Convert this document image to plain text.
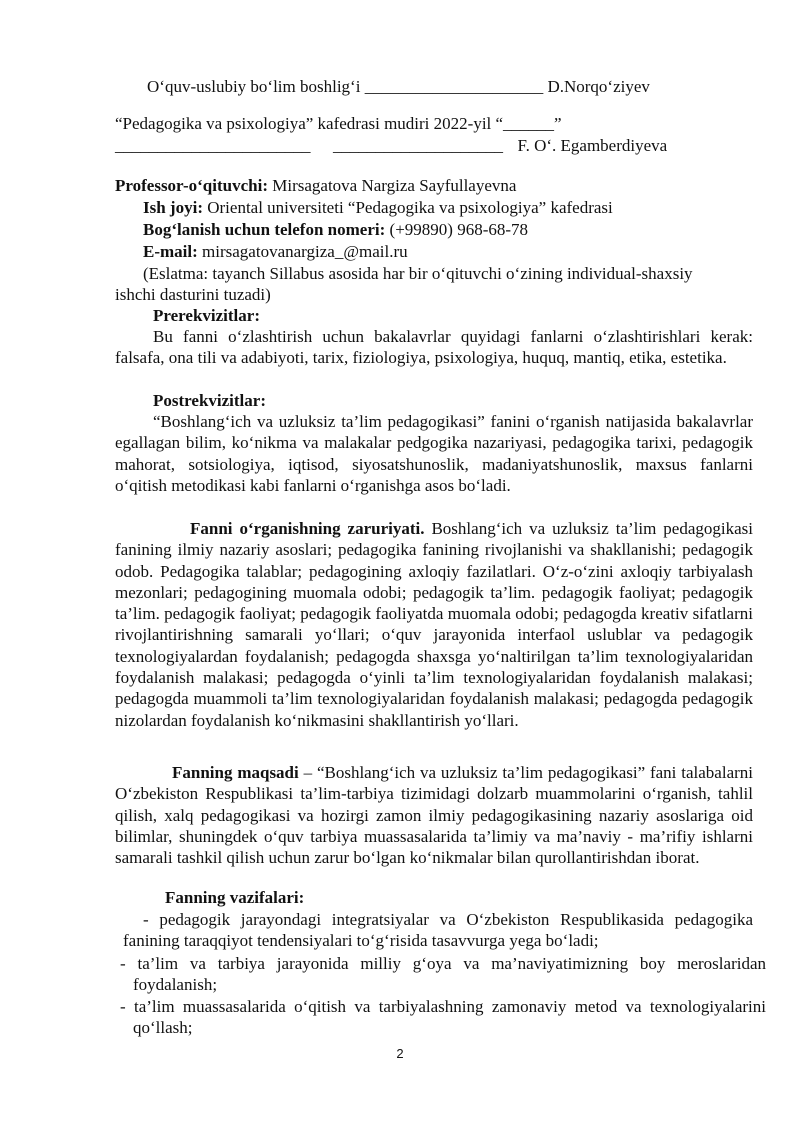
O‘quv-uslubiy bo‘lim boshlig‘i _____________________ D.Norqo‘ziyev
“Pedagogika va psixologiya” kafedrasi mudiri 2022-yil “______”
_______________________ ____________________ F. O‘. Egamberdiyeva
Professor-o‘qituvchi: Mirsagatova Nargiza Sayfullayevna
Ish joyi: Oriental universiteti “Pedagogika va psixologiya” kafedrasi
Bog‘lanish uchun telefon nomeri: (+99890) 968-68-78
E-mail: mirsagatovanargiza_@mail.ru
(Eslatma: tayanch Sillabus asosida har bir o‘qituvchi o‘zining individual-shaxsiy
ishchi dasturini tuzadi)
Prerekvizitlar:
Bu fanni o‘zlashtirish uchun bakalavrlar quyidagi fanlarni o‘zlashtirishlari kerak: falsafa, ona tili va adabiyoti, tarix, fiziologiya, psixologiya, huquq, mantiq, etika, estetika.
Postrekvizitlar:
“Boshlang‘ich va uzluksiz ta’lim pedagogikasi” fanini o‘rganish natijasida bakalavrlar egallagan bilim, ko‘nikma va malakalar pedgogika nazariyasi, pedagogika tarixi, pedagogik mahorat, sotsiologiya, iqtisod, siyosatshunoslik, madaniyatshunoslik, maxsus fanlarni o‘qitish metodikasi kabi fanlarni o‘rganishga asos bo‘ladi.
Fanni o‘rganishning zaruriyati. Boshlang‘ich va uzluksiz ta’lim pedagogikasi fanining ilmiy nazariy asoslari; pedagogika fanining rivojlanishi va shakllanishi; pedagogik odob. Pedagogika talablar; pedagogining axloqiy fazilatlari. O‘z-o‘zini axloqiy tarbiyalash mezonlari; pedagogining muomala odobi; pedagogik ta’lim. pedagogik faoliyat; pedagogik ta’lim. pedagogik faoliyat; pedagogik faoliyatda muomala odobi; pedagogda kreativ sifatlarni rivojlantirishning samarali yo‘llari; o‘quv jarayonida interfaol uslublar va pedagogik texnologiyalardan foydalanish; pedagogda shaxsga yo‘naltirilgan ta’lim texnologiyalaridan foydalanish malakasi; pedagogda o‘yinli ta’lim texnologiyalaridan foydalanish malakasi; pedagogda muammoli ta’lim texnologiyalaridan foydalanish malakasi; pedagogda pedagogik nizolardan foydalanish ko‘nikmasini shakllantirish yo‘llari.
Fanning maqsadi – “Boshlang‘ich va uzluksiz ta’lim pedagogikasi” fani talabalarni O‘zbekiston Respublikasi ta’lim-tarbiya tizimidagi dolzarb muammolarini o‘rganish, tahlil qilish, xalq pedagogikasi va hozirgi zamon ilmiy pedagogikasining nazariy asoslariga oid bilimlar, shuningdek o‘quv tarbiya muassasalarida ta’limiy va ma’naviy - ma’rifiy ishlarni samarali tashkil qilish uchun zarur bo‘lgan ko‘nikmalar bilan qurollantirishdan iborat.
Fanning vazifalari:
- pedagogik jarayondagi integratsiyalar va O‘zbekiston Respublikasida pedagogika fanining taraqqiyot tendensiyalari to‘g‘risida tasavvurga yega bo‘ladi;
- ta’lim va tarbiya jarayonida milliy g‘oya va ma’naviyatimizning boy meroslaridan foydalanish;
- ta’lim muassasalarida o‘qitish va tarbiyalashning zamonaviy metod va texnologiyalarini qo‘llash;
2
